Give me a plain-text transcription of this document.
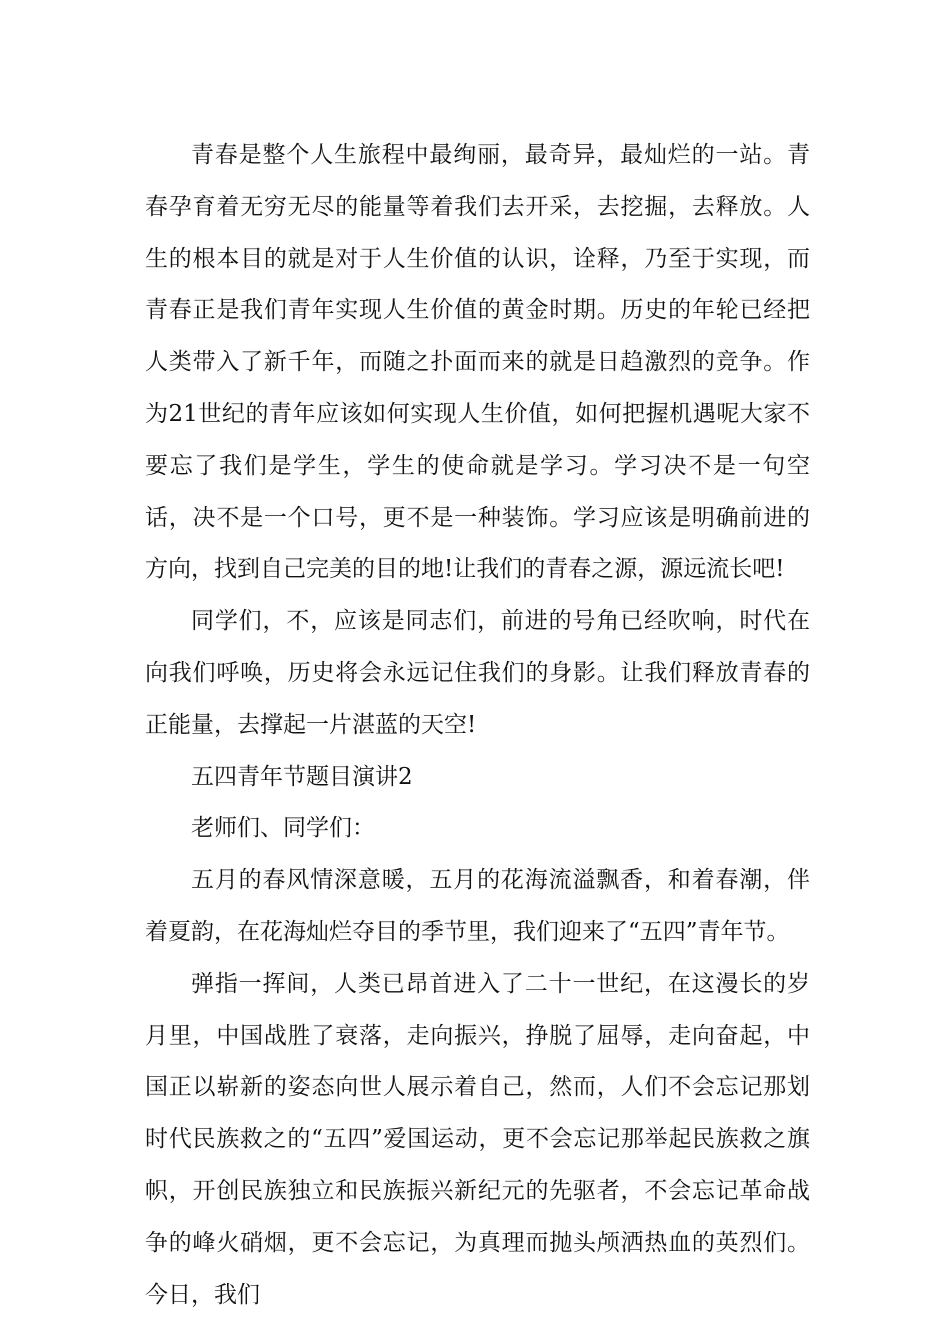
青春是整个人生旅程中最绚丽，最奇异，最灿烂的一站。青春孕育着无穷无尽的能量等着我们去开采，去挖掘，去释放。人生的根本目的就是对于人生价值的认识，诠释，乃至于实现，而青春正是我们青年实现人生价值的黄金时期。历史的年轮已经把人类带入了新千年，而随之扑面而来的就是日趋激烈的竞争。作为21世纪的青年应该如何实现人生价值，如何把握机遇呢大家不要忘了我们是学生，学生的使命就是学习。学习决不是一句空话，决不是一个口号，更不是一种装饰。学习应该是明确前进的方向，找到自己完美的目的地!让我们的青春之源，源远流长吧!

同学们，不，应该是同志们，前进的号角已经吹响，时代在向我们呼唤，历史将会永远记住我们的身影。让我们释放青春的正能量，去撑起一片湛蓝的天空!

五四青年节题目演讲2

老师们、同学们：

五月的春风情深意暖，五月的花海流溢飘香，和着春潮，伴着夏韵，在花海灿烂夺目的季节里，我们迎来了“五四”青年节。

弹指一挥间，人类已昂首进入了二十一世纪，在这漫长的岁月里，中国战胜了衰落，走向振兴，挣脱了屈辱，走向奋起，中国正以崭新的姿态向世人展示着自己，然而，人们不会忘记那划时代民族救之的“五四”爱国运动，更不会忘记那举起民族救之旗帜，开创民族独立和民族振兴新纪元的先驱者，不会忘记革命战争的峰火硝烟，更不会忘记，为真理而抛头颅洒热血的英烈们。今日，我们
